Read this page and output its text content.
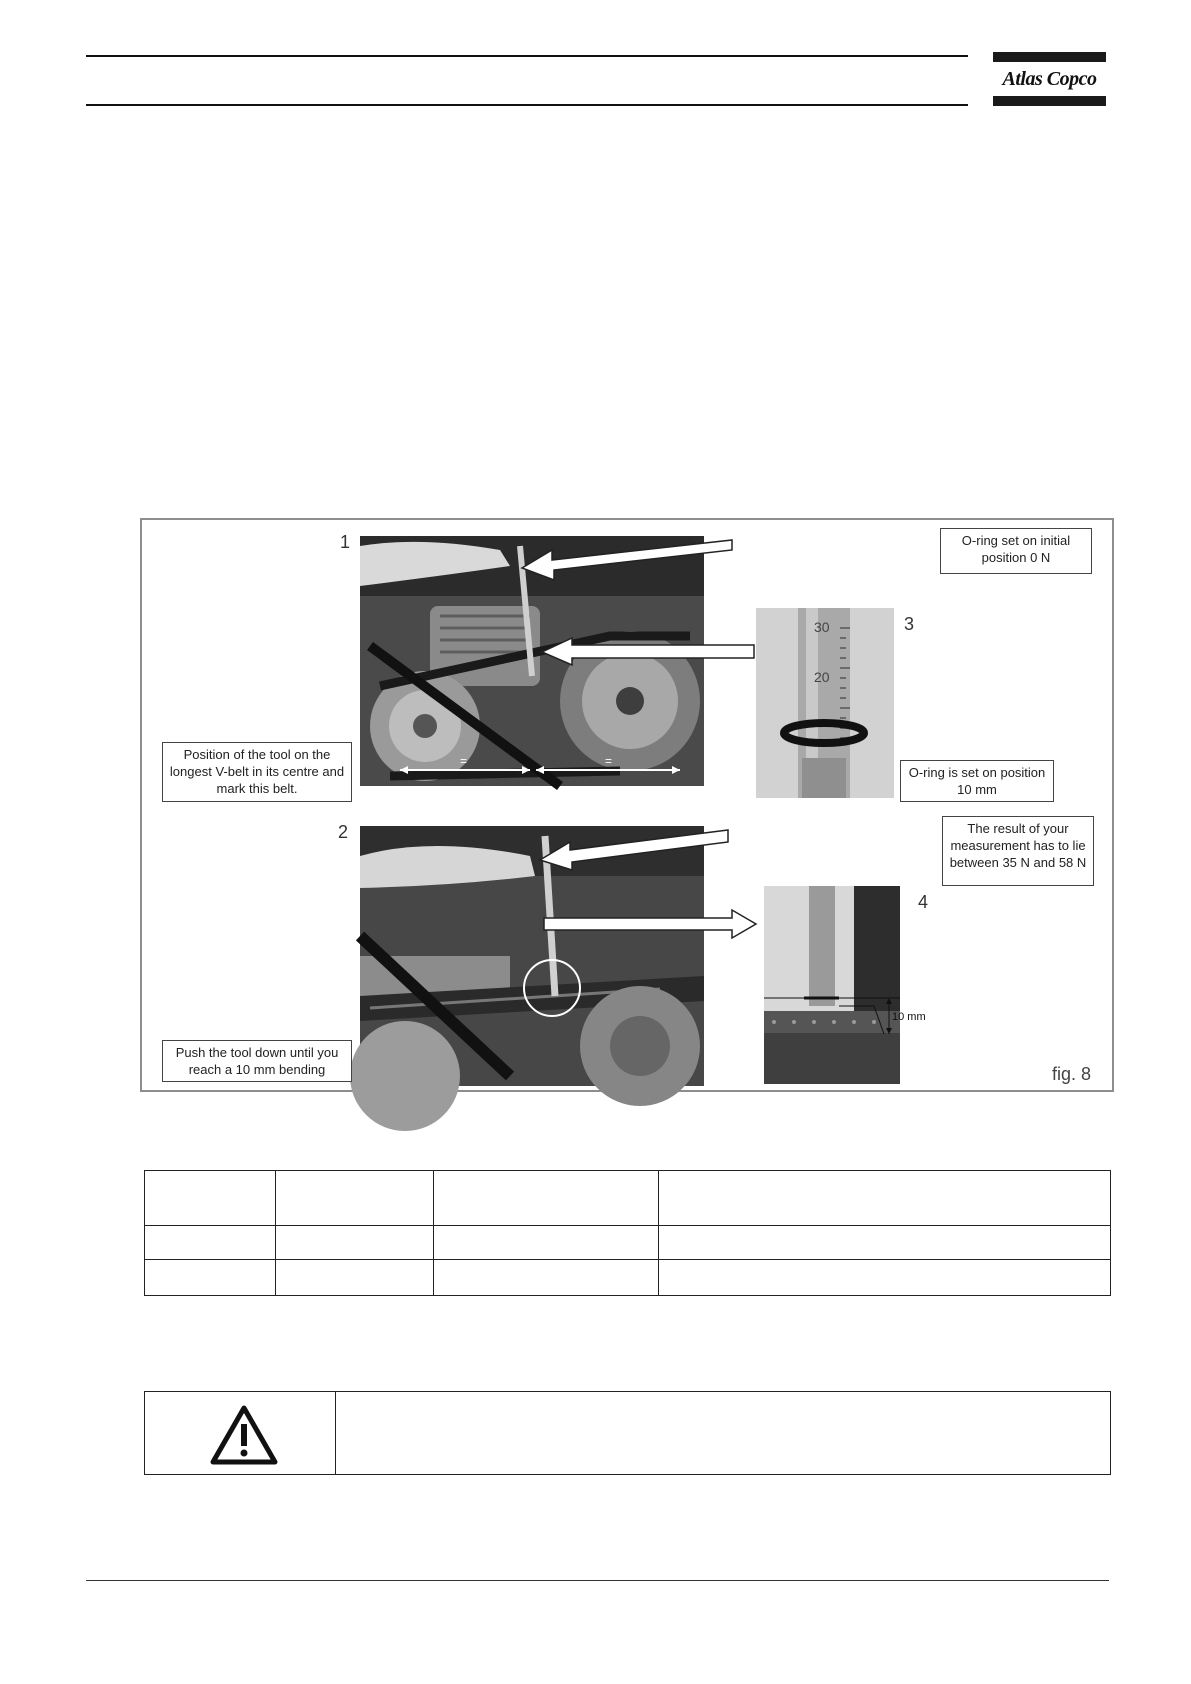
Atlas Copco
1
2
3
4
=	=
30
20
10 mm
O-ring set on initial position 0 N
Position of the tool on the longest V-belt in its centre and mark this belt.
O-ring is set on position 10 mm
The result of your measurement has to lie between 35 N and 58 N
Push the tool down until you reach a 10 mm bending	fig. 8
